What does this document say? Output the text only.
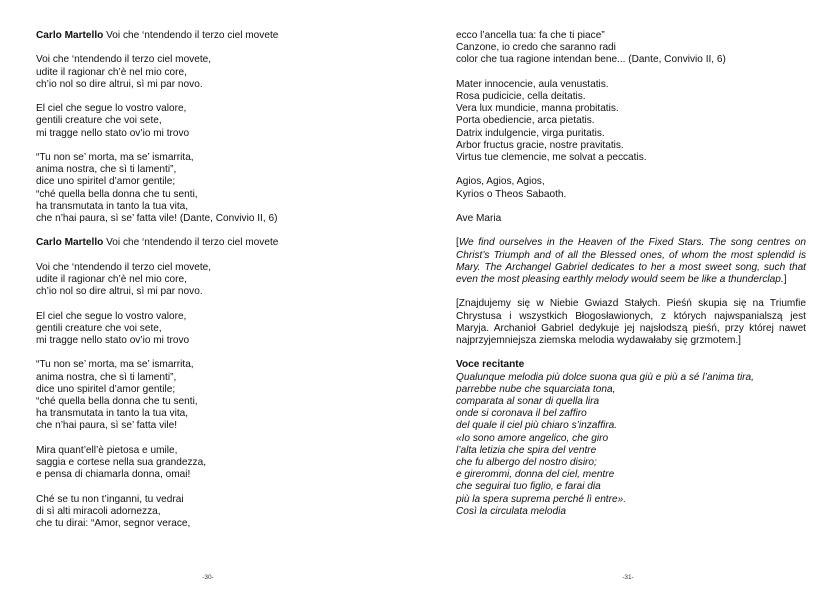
Carlo Martello Voi che ‘ntendendo il terzo ciel movete
Voi che ‘ntendendo il terzo ciel movete,
udite il ragionar ch’è nel mio core,
ch’io nol so dire altrui, sì mi par novo.
El ciel che segue lo vostro valore,
gentili creature che voi sete,
mi tragge nello stato ov’io mi trovo
“Tu non se’ morta, ma se’ ismarrita,
anima nostra, che sì ti lamenti”,
dice uno spiritel d’amor gentile;
“ché quella bella donna che tu senti,
ha transmutata in tanto la tua vita,
che n’hai paura, sì se’ fatta vile! (Dante, Convivio II, 6)
Carlo Martello Voi che ‘ntendendo il terzo ciel movete
Voi che ‘ntendendo il terzo ciel movete,
udite il ragionar ch’è nel mio core,
ch’io nol so dire altrui, sì mi par novo.
El ciel che segue lo vostro valore,
gentili creature che voi sete,
mi tragge nello stato ov’io mi trovo
“Tu non se’ morta, ma se’ ismarrita,
anima nostra, che sì ti lamenti”,
dice uno spiritel d’amor gentile;
“ché quella bella donna che tu senti,
ha transmutata in tanto la tua vita,
che n’hai paura, sì se’ fatta vile!
Mira quant’ell’è pietosa e umile,
saggia e cortese nella sua grandezza,
e pensa di chiamarla donna, omai!
Ché se tu non t’inganni, tu vedrai
di sì alti miracoli adornezza,
che tu dirai: “Amor, segnor verace,
-30-
ecco l’ancella tua: fa che ti piace”
Canzone, io credo che saranno radi
color che tua ragione intendan bene... (Dante, Convivio II, 6)
Mater innocencie, aula venustatis.
Rosa pudicicie, cella deitatis.
Vera lux mundicie, manna probitatis.
Porta obediencie, arca pietatis.
Datrix indulgencie, virga puritatis.
Arbor fructus gracie, nostre pravitatis.
Virtus tue clemencie, me solvat a peccatis.
Agios, Agios, Agios,
Kyrios o Theos Sabaoth.
Ave Maria
[We find ourselves in the Heaven of the Fixed Stars. The song centres on Christ’s Triumph and of all the Blessed ones, of whom the most splendid is Mary. The Archangel Gabriel dedicates to her a most sweet song, such that even the most pleasing earthly melody would seem be like a thunderclap.]
[Znajdujemy się w Niebie Gwiazd Stałych. Pieśń skupia się na Triumfie Chrystusa i wszystkich Błogosławionych, z których najwspanialszą jest Maryja. Archanioł Gabriel dedykuje jej najsłodszą pieśń, przy której nawet najprzyjemniejsza ziemska melodia wydawałaby się grzmotem.]
Voce recitante
Qualunque melodia più dolce suona qua giù e più a sé l’anima tira,
parrebbe nube che squarciata tona,
comparata al sonar di quella lira
onde si coronava il bel zaffiro
del quale il ciel più chiaro s’inzaffira.
«Io sono amore angelico, che giro
l’alta letizia che spira del ventre
che fu albergo del nostro disiro;
e girerommi, donna del ciel, mentre
che seguirai tuo figlio, e farai dia
più la spera suprema perché lì entre».
Così la circulata melodia
-31-
